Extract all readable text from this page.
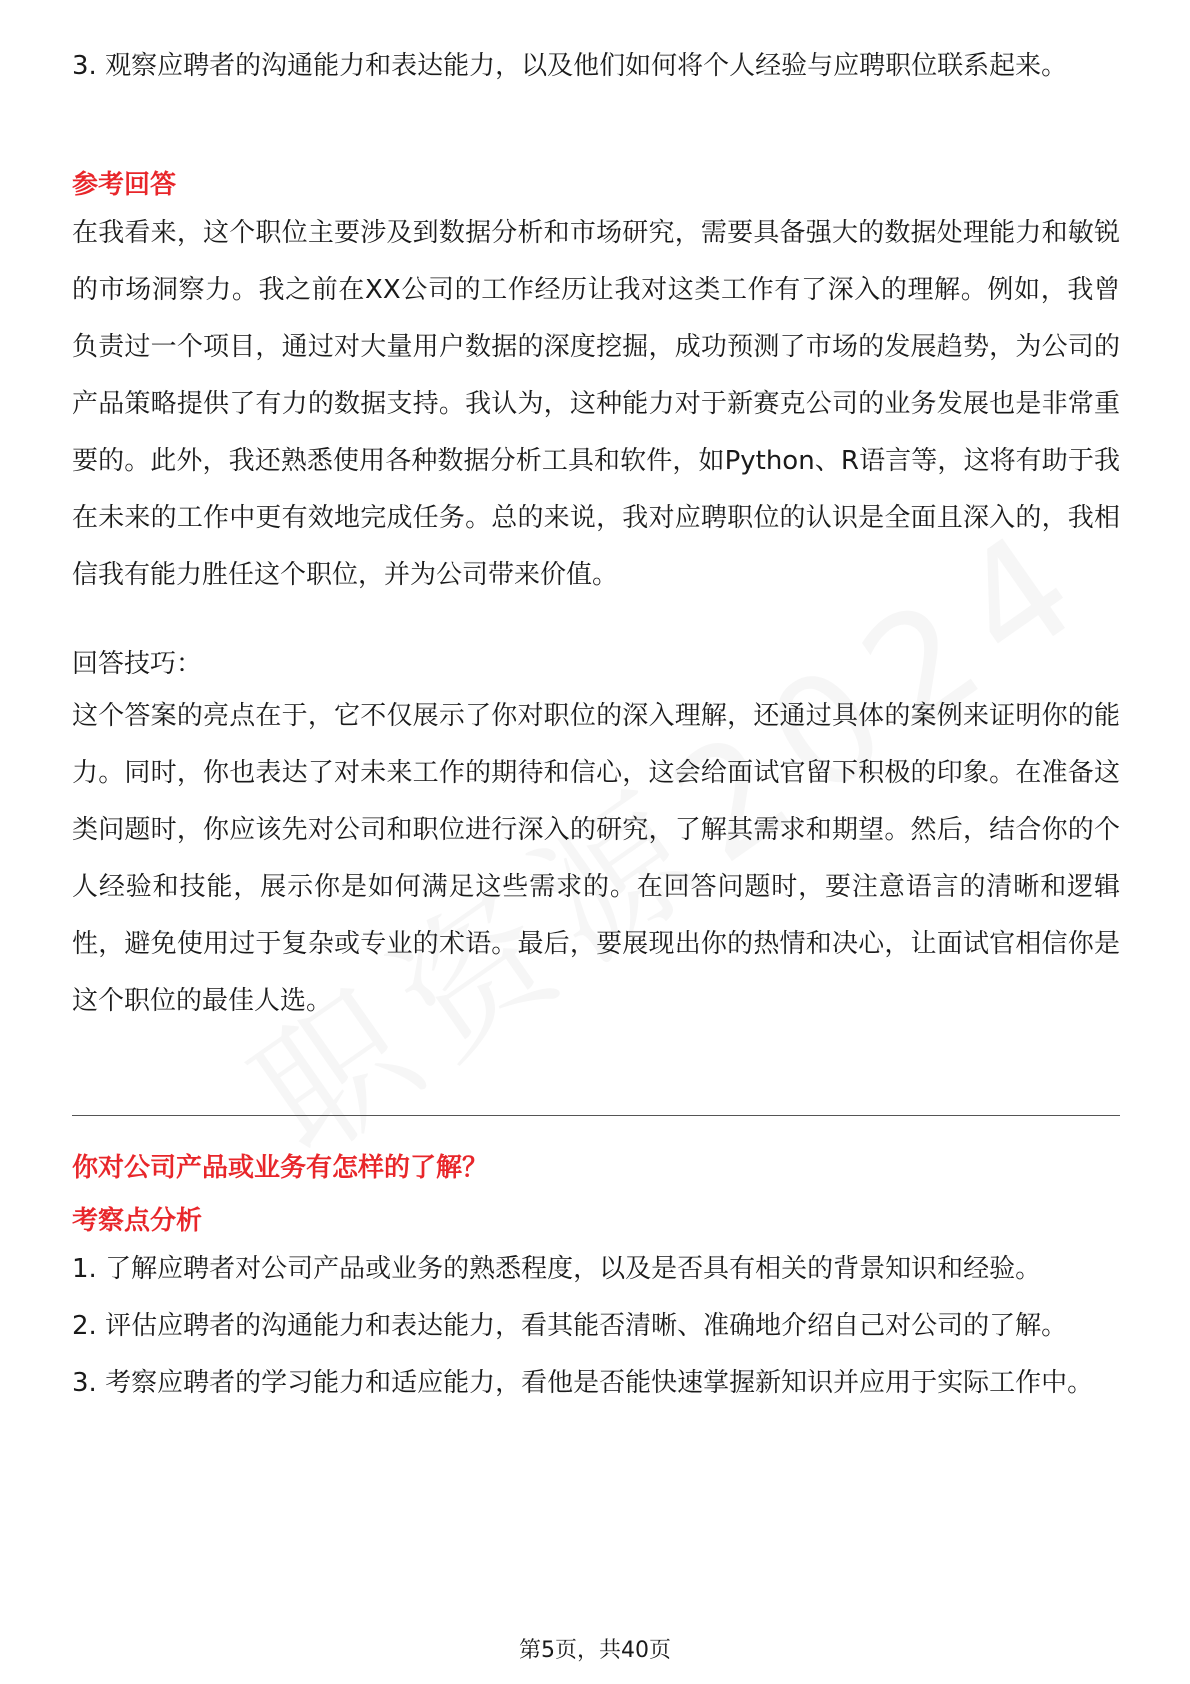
3. 观察应聘者的沟通能力和表达能力，以及他们如何将个人经验与应聘职位联系起来。

参考回答

在我看来，这个职位主要涉及到数据分析和市场研究，需要具备强大的数据处理能力和敏锐的市场洞察力。我之前在XX公司的工作经历让我对这类工作有了深入的理解。例如，我曾负责过一个项目，通过对大量用户数据的深度挖掘，成功预测了市场的发展趋势，为公司的产品策略提供了有力的数据支持。我认为，这种能力对于新赛克公司的业务发展也是非常重要的。此外，我还熟悉使用各种数据分析工具和软件，如Python、R语言等，这将有助于我在未来的工作中更有效地完成任务。总的来说，我对应聘职位的认识是全面且深入的，我相信我有能力胜任这个职位，并为公司带来价值。

回答技巧：

这个答案的亮点在于，它不仅展示了你对职位的深入理解，还通过具体的案例来证明你的能力。同时，你也表达了对未来工作的期待和信心，这会给面试官留下积极的印象。在准备这类问题时，你应该先对公司和职位进行深入的研究，了解其需求和期望。然后，结合你的个人经验和技能，展示你是如何满足这些需求的。在回答问题时，要注意语言的清晰和逻辑性，避免使用过于复杂或专业的术语。最后，要展现出你的热情和决心，让面试官相信你是这个职位的最佳人选。

你对公司产品或业务有怎样的了解？
考察点分析

1. 了解应聘者对公司产品或业务的熟悉程度，以及是否具有相关的背景知识和经验。

2. 评估应聘者的沟通能力和表达能力，看其能否清晰、准确地介绍自己对公司的了解。

3. 考察应聘者的学习能力和适应能力，看他是否能快速掌握新知识并应用于实际工作中。

第5页，共40页
